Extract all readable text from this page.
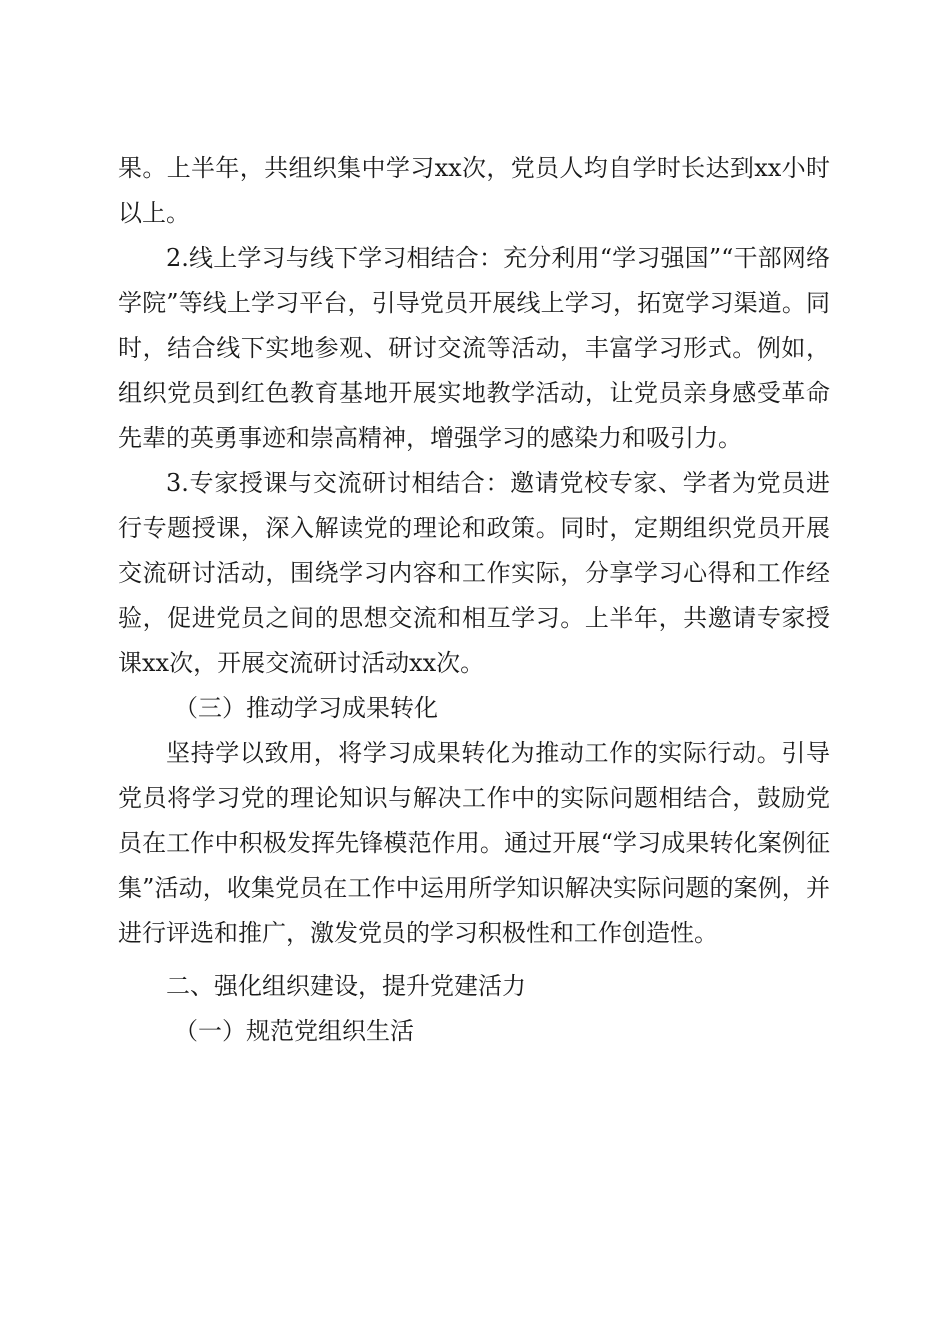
果。上半年，共组织集中学习xx次，党员人均自学时长达到xx小时以上。

2.线上学习与线下学习相结合：充分利用“学习强国”“干部网络学院”等线上学习平台，引导党员开展线上学习，拓宽学习渠道。同时，结合线下实地参观、研讨交流等活动，丰富学习形式。例如，组织党员到红色教育基地开展实地教学活动，让党员亲身感受革命先辈的英勇事迹和崇高精神，增强学习的感染力和吸引力。

3.专家授课与交流研讨相结合：邀请党校专家、学者为党员进行专题授课，深入解读党的理论和政策。同时，定期组织党员开展交流研讨活动，围绕学习内容和工作实际，分享学习心得和工作经验，促进党员之间的思想交流和相互学习。上半年，共邀请专家授课xx次，开展交流研讨活动xx次。

（三）推动学习成果转化

坚持学以致用，将学习成果转化为推动工作的实际行动。引导党员将学习党的理论知识与解决工作中的实际问题相结合，鼓励党员在工作中积极发挥先锋模范作用。通过开展“学习成果转化案例征集”活动，收集党员在工作中运用所学知识解决实际问题的案例，并进行评选和推广，激发党员的学习积极性和工作创造性。

二、强化组织建设，提升党建活力

（一）规范党组织生活
